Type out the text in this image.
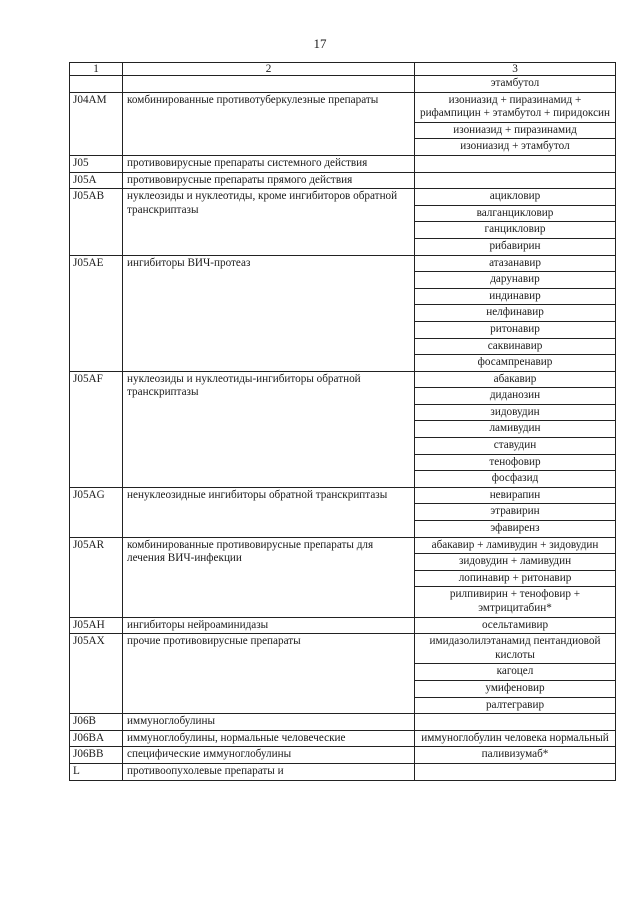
17
1	2	3
		этамбутол
J04AM	комбинированные противотуберкулезные препараты	изониазид + пиразинамид + рифампицин + этамбутол + пиридоксин
		изониазид + пиразинамид
		изониазид + этамбутол
J05	противовирусные препараты системного действия	
J05A	противовирусные препараты прямого действия	
J05AB	нуклеозиды и нуклеотиды, кроме ингибиторов обратной транскриптазы	ацикловир
		валганцикловир
		ганцикловир
		рибавирин
J05AE	ингибиторы ВИЧ-протеаз	атазанавир
		дарунавир
		индинавир
		нелфинавир
		ритонавир
		саквинавир
		фосампренавир
J05AF	нуклеозиды и нуклеотиды-ингибиторы обратной транскриптазы	абакавир
		диданозин
		зидовудин
		ламивудин
		ставудин
		тенофовир
		фосфазид
J05AG	ненуклеозидные ингибиторы обратной транскриптазы	невирапин
		этравирин
		эфавиренз
J05AR	комбинированные противовирусные препараты для лечения ВИЧ-инфекции	абакавир + ламивудин + зидовудин
		зидовудин + ламивудин
		лопинавир + ритонавир
		рилпивирин + тенофовир + эмтрицитабин*
J05AH	ингибиторы нейроаминидазы	осельтамивир
J05AX	прочие противовирусные препараты	имидазолилэтанамид пентандиовой кислоты
		кагоцел
		умифеновир
		ралтегравир
J06B	иммуноглобулины	
J06BA	иммуноглобулины, нормальные человеческие	иммуноглобулин человека нормальный
J06BB	специфические иммуноглобулины	паливизумаб*
L	противоопухолевые препараты и	
